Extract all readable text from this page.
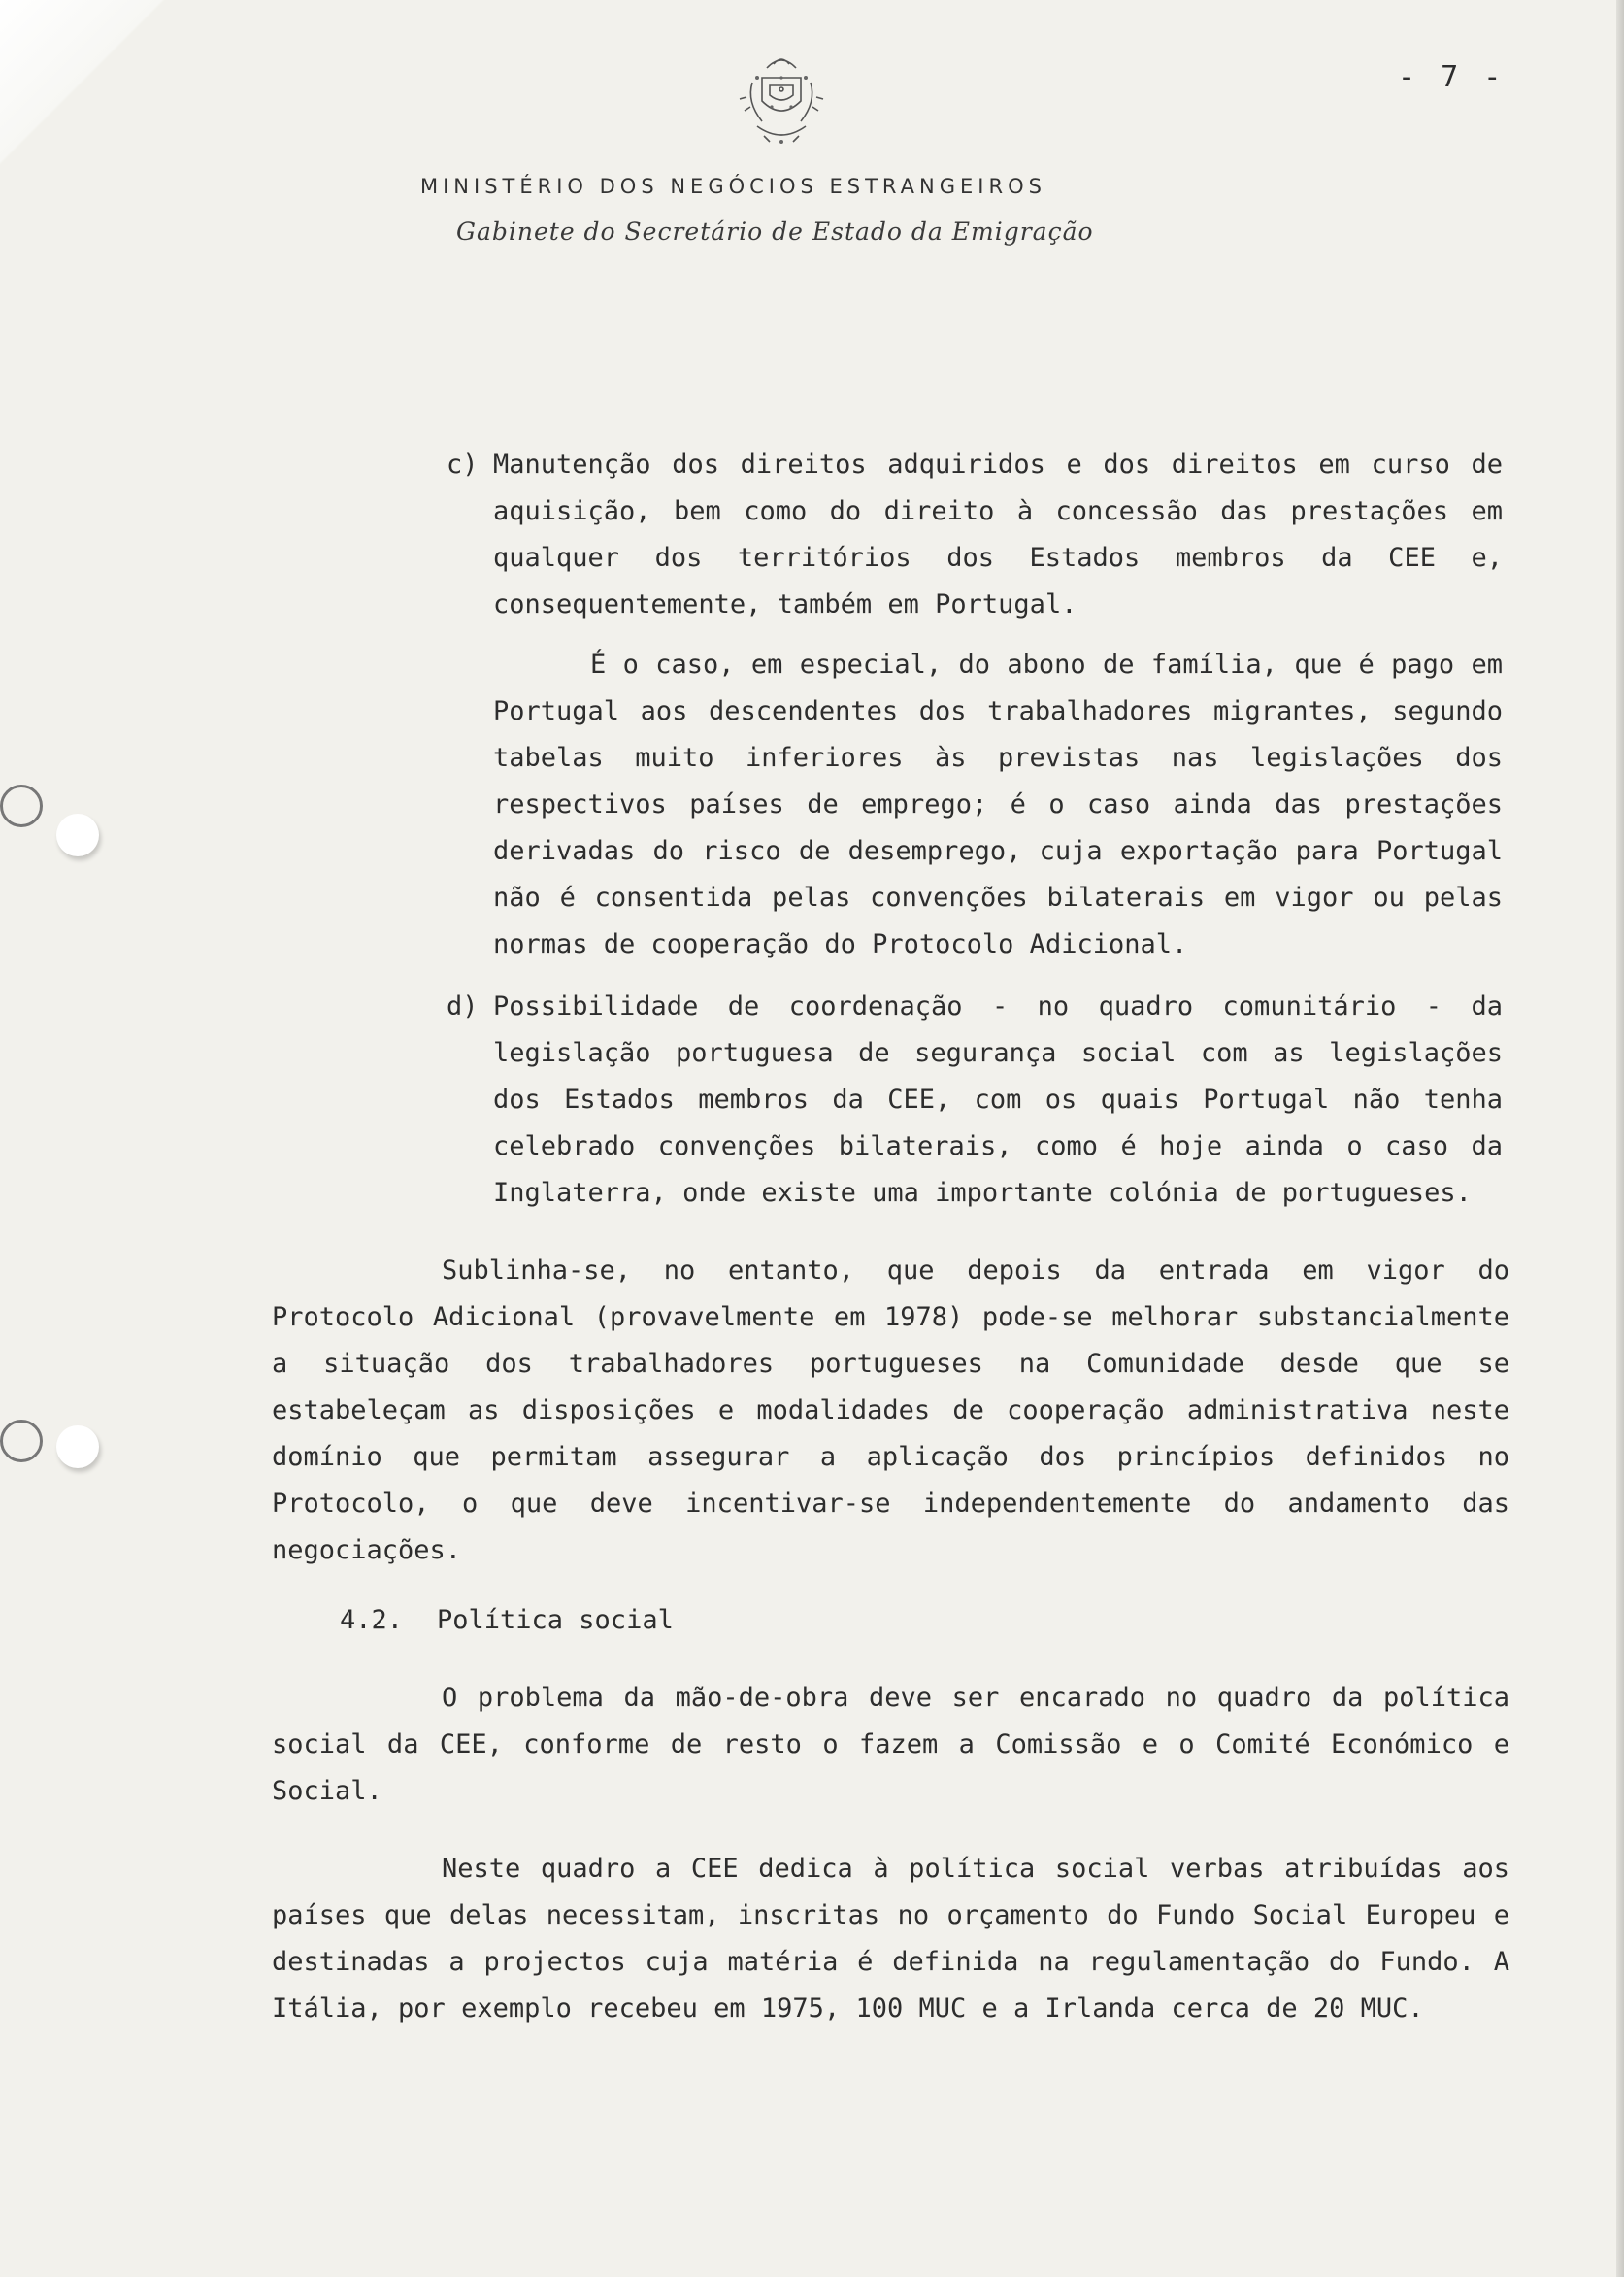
- 7 -
MINISTÉRIO DOS NEGÓCIOS ESTRANGEIROS
Gabinete do Secretário de Estado da Emigração
c) Manutenção dos direitos adquiridos e dos direitos em curso de aquisição, bem como do direito à concessão das prestações em qualquer dos territórios dos Estados membros da CEE e, consequentemente, também em Portugal.

É o caso, em especial, do abono de família, que é pago em Portugal aos descendentes dos trabalhadores migrantes, segundo tabelas muito inferiores às previstas nas legislações dos respectivos países de emprego; é o caso ainda das prestações derivadas do risco de desemprego, cuja exportação para Portugal não é consentida pelas convenções bilaterais em vigor ou pelas normas de cooperação do Protocolo Adicional.

d) Possibilidade de coordenação - no quadro comunitário - da legislação portuguesa de segurança social com as legislações dos Estados membros da CEE, com os quais Portugal não tenha celebrado convenções bilaterais, como é hoje ainda o caso da Inglaterra, onde existe uma importante colónia de portugueses.

Sublinha-se, no entanto, que depois da entrada em vigor do Protocolo Adicional (provavelmente em 1978) pode-se melhorar substancialmente a situação dos trabalhadores portugueses na Comunidade desde que se estabeleçam as disposições e modalidades de cooperação administrativa neste domínio que permitam assegurar a aplicação dos princípios definidos no Protocolo, o que deve incentivar-se independentemente do andamento das negociações.

4.2.	Política social

O problema da mão-de-obra deve ser encarado no quadro da política social da CEE, conforme de resto o fazem a Comissão e o Comité Económico e Social.

Neste quadro a CEE dedica à política social verbas atribuídas aos países que delas necessitam, inscritas no orçamento do Fundo Social Europeu e destinadas a projectos cuja matéria é definida na regulamentação do Fundo. A Itália, por exemplo recebeu em 1975, 100 MUC e a Irlanda cerca de 20 MUC.
